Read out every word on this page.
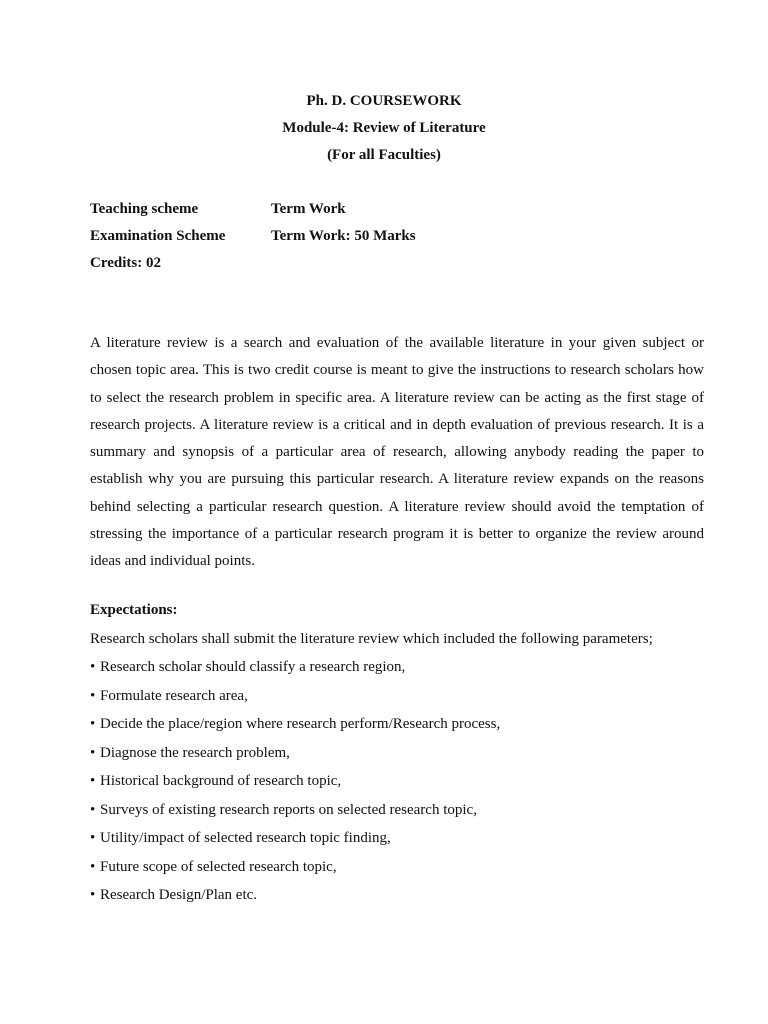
Ph. D. COURSEWORK
Module-4: Review of Literature
(For all Faculties)
Teaching scheme	Term Work
Examination Scheme	Term Work: 50 Marks
Credits: 02

A literature review is a search and evaluation of the available literature in your given subject or chosen topic area. This is two credit course is meant to give the instructions to research scholars how to select the research problem in specific area. A literature review can be acting as the first stage of research projects. A literature review is a critical and in depth evaluation of previous research. It is a summary and synopsis of a particular area of research, allowing anybody reading the paper to establish why you are pursuing this particular research. A literature review expands on the reasons behind selecting a particular research question. A literature review should avoid the temptation of stressing the importance of a particular research program it is better to organize the review around ideas and individual points.

Expectations:
Research scholars shall submit the literature review which included the following parameters;
• Research scholar should classify a research region,
• Formulate research area,
• Decide the place/region where research perform/Research process,
• Diagnose the research problem,
• Historical background of research topic,
• Surveys of existing research reports on selected research topic,
• Utility/impact of selected research topic finding,
• Future scope of selected research topic,
• Research Design/Plan etc.
